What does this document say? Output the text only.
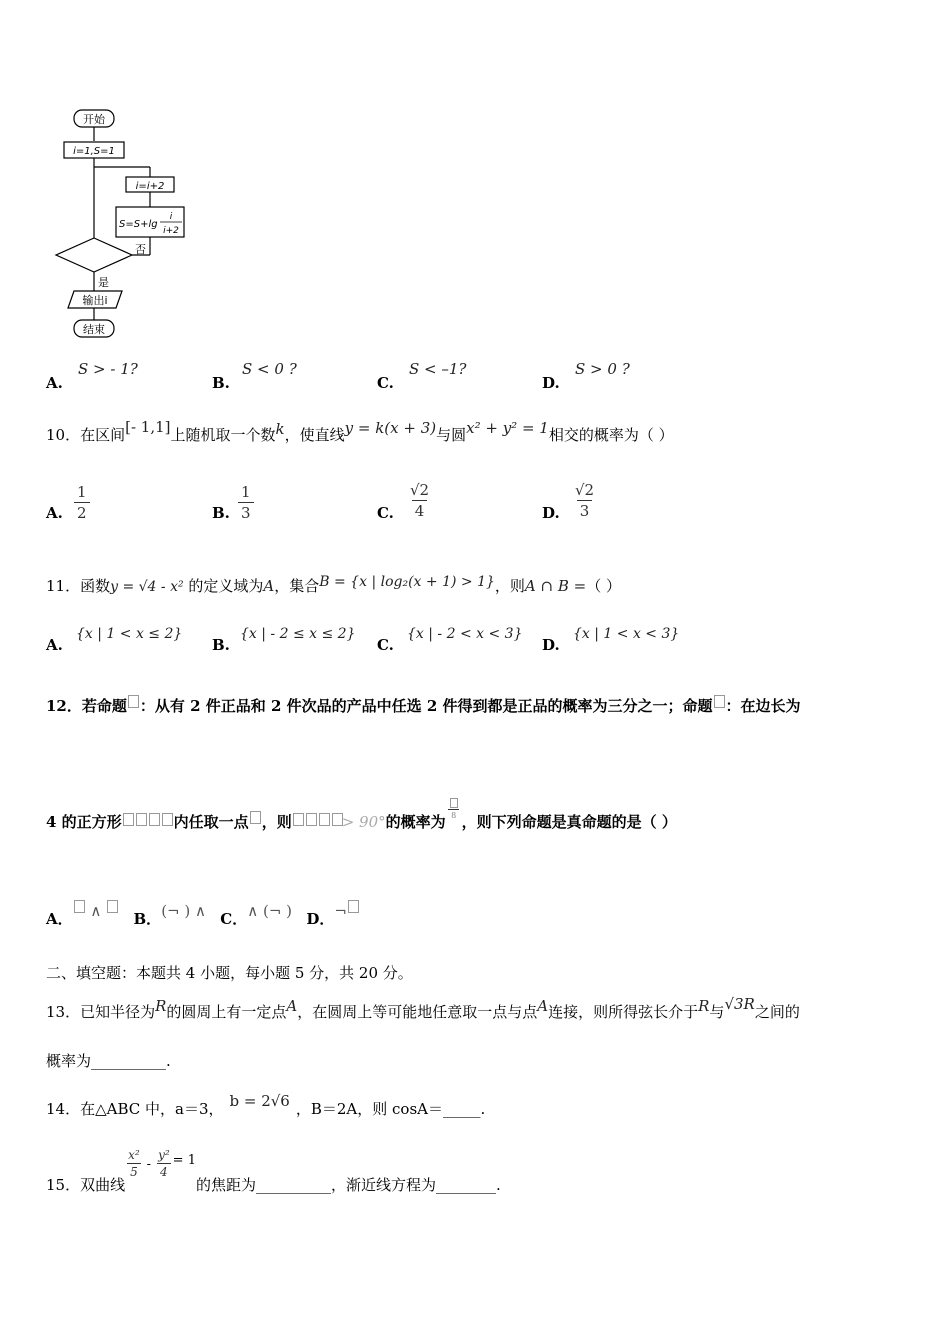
开始
i=1,S=1
i=i+2
S=S+lg
i
i+2
否
是
输出i
结束
A.
S > - 1?
B.
S < 0 ?
C.
S < –1?
D.
S > 0 ?
10．在区间[- 1,1]上随机取一个数k，使直线y = k(x + 3)与圆x² + y² = 1相交的概率为（ ）
A. $\frac{1}{2}$	B. $\frac{1}{3}$	C. $\frac{√2}{4}$	D. $\frac{√2}{3}$
11．函数y = √4 - x² 的定义域为A，集合B = {x | log₂(x + 1) > 1}，则A ∩ B =（ ）
A.
{x | 1 < x ≤ 2}
B.
{x | - 2 ≤ x ≤ 2}
C.
{x | - 2 < x < 3}
D.
{x | 1 < x < 3}
12．若命题 ：从有 2 件正品和 2 件次品的产品中任选 2 件得到都是正品的概率为三分之一；命题 ：在边长为
4 的正方形	内任取一点 ，则	> 90°的概率为 8 ，则下列命题是真命题的是（ ）
A． ∧ B．(¬ ) ∧ C．∧ (¬ ) D．¬
二、填空题：本题共 4 小题，每小题 5 分，共 20 分。
13．已知半径为R的圆周上有一定点A，在圆周上等可能地任意取一点与点A连接，则所得弦长介于R与√3R之间的
概率为__________.
14．在△ABC 中，a＝3， b = 2√6 ，B＝2A，则 cosA＝_____.
15．双曲线
$\frac{\text{x²}}{5} - \frac{\text{y²}}{4} = 1$的焦距为__________，渐近线方程为________.
